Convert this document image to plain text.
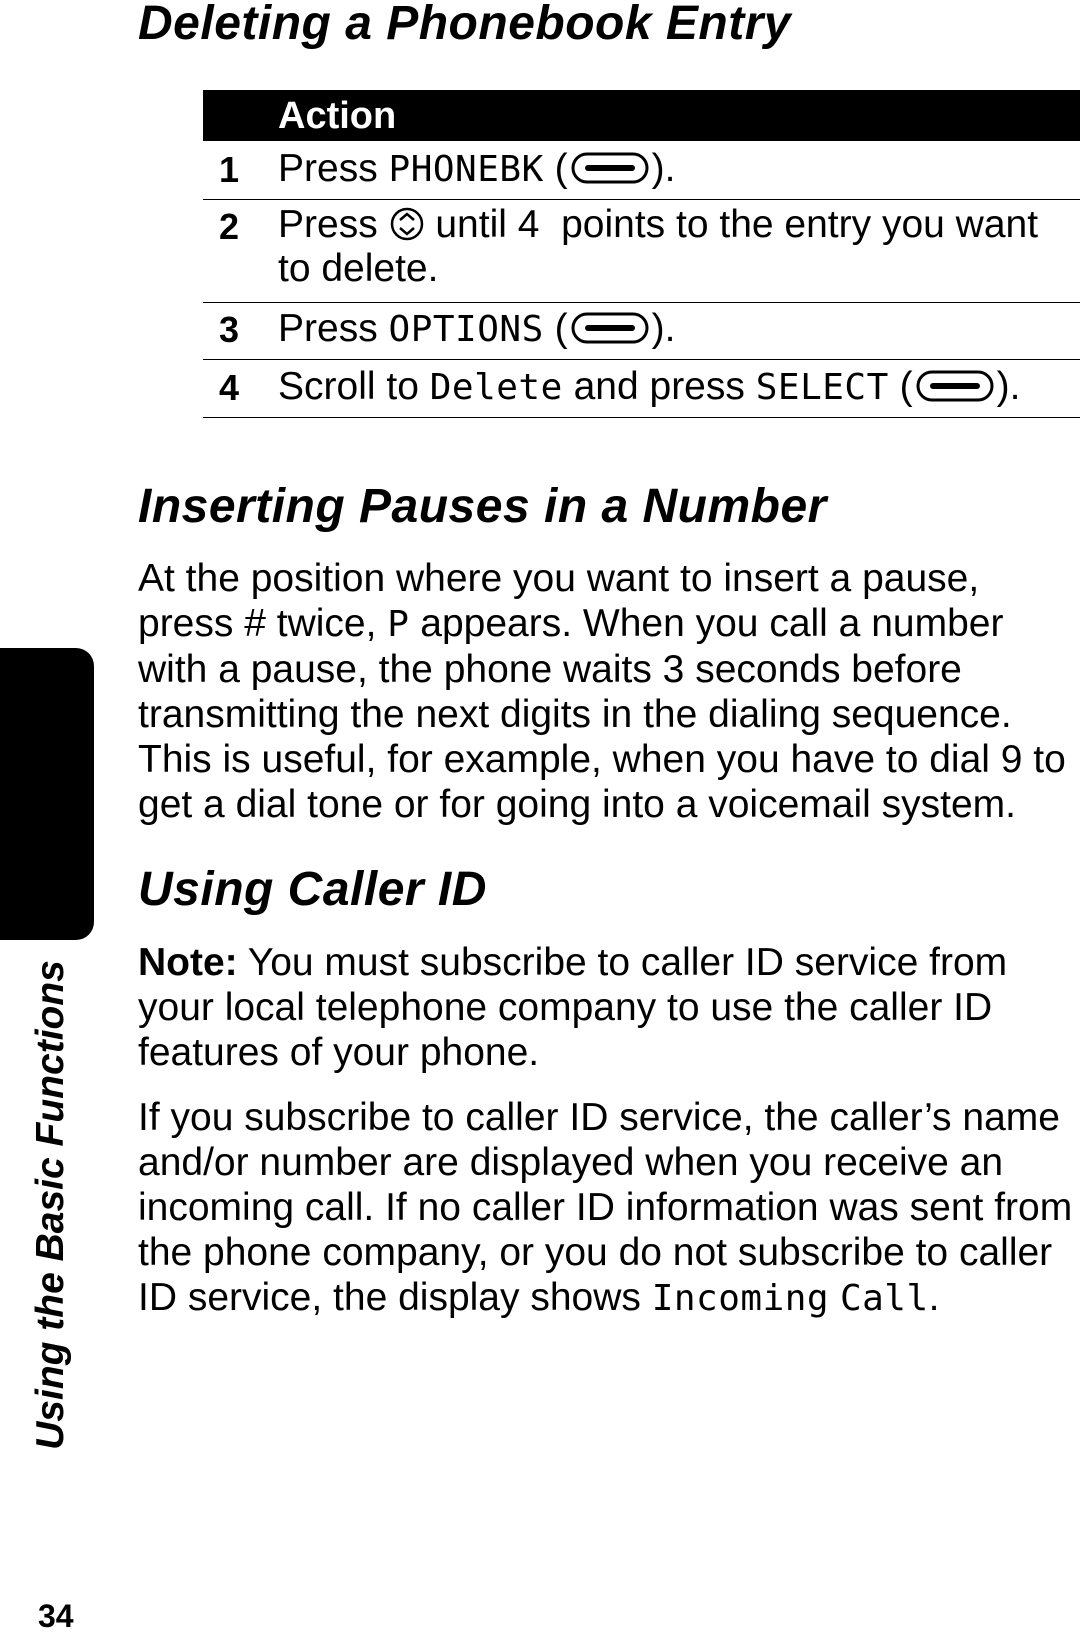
Deleting a Phonebook Entry
Action
1 Press PHONEBK ( ).
2 Press
until 4  points to the entry you want to delete.
3 Press OPTIONS ( ).
4 Scroll to Delete and press SELECT ( ).
Inserting Pauses in a Number

At the position where you want to insert a pause, press # twice, P appears. When you call a number with a pause, the phone waits 3 seconds before transmitting the next digits in the dialing sequence. This is useful, for example, when you have to dial 9 to get a dial tone or for going into a voicemail system.

Using Caller ID

Note: You must subscribe to caller ID service from your local telephone company to use the caller ID features of your phone.

If you subscribe to caller ID service, the caller’s name and/or number are displayed when you receive an incoming call. If no caller ID information was sent from the phone company, or you do not subscribe to caller ID service, the display shows Incoming Call.

Using the Basic Functions
34
